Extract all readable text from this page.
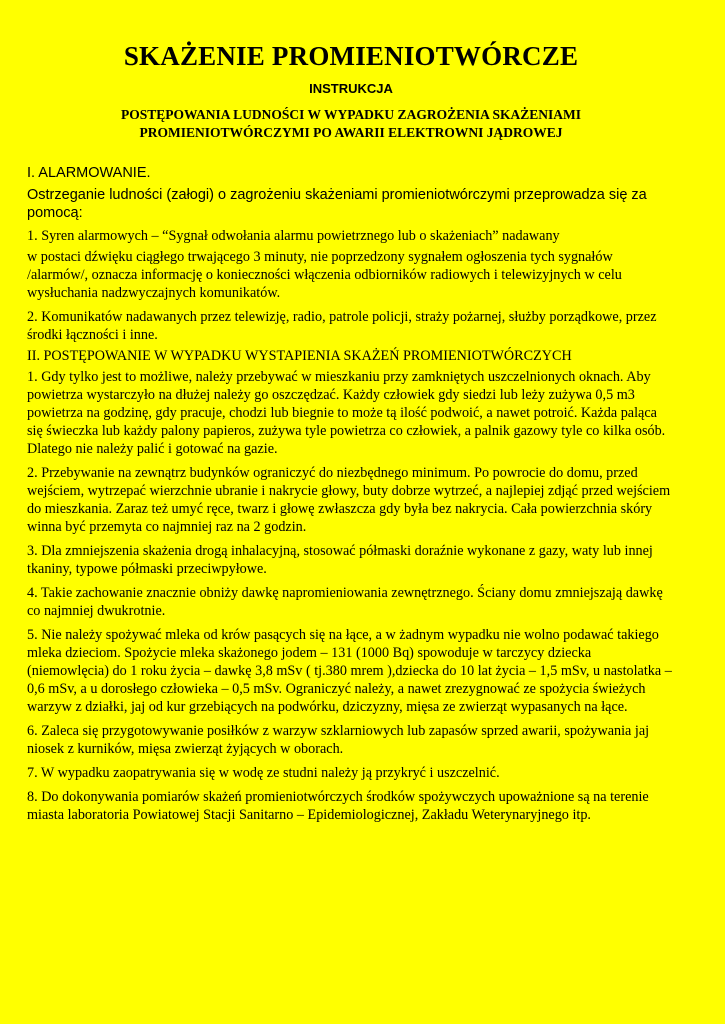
SKAŻENIE PROMIENIOTWÓRCZE
INSTRUKCJA
POSTĘPOWANIA LUDNOŚCI W WYPADKU ZAGROŻENIA SKAŻENIAMI
PROMIENIOTWÓRCZYMI PO AWARII ELEKTROWNI JĄDROWEJ
I. ALARMOWANIE.
Ostrzeganie ludności (załogi) o zagrożeniu skażeniami promieniotwórczymi przeprowadza się za pomocą:
1. Syren alarmowych – “Sygnał odwołania alarmu powietrznego lub o skażeniach” nadawany
w postaci dźwięku ciągłego trwającego 3 minuty, nie poprzedzony sygnałem ogłoszenia tych sygnałów /alarmów/, oznacza informację o konieczności włączenia odbiorników radiowych i telewizyjnych w celu wysłuchania nadzwyczajnych komunikatów.
2. Komunikatów nadawanych przez telewizję, radio, patrole policji, straży pożarnej, służby porządkowe, przez środki łączności i inne.
II. POSTĘPOWANIE W WYPADKU WYSTAPIENIA SKAŻEŃ PROMIENIOTWÓRCZYCH
1. Gdy tylko jest to możliwe, należy przebywać w mieszkaniu przy zamkniętych uszczelnionych oknach. Aby powietrza wystarczyło na dłużej należy go oszczędzać. Każdy człowiek gdy siedzi lub leży zużywa 0,5 m3 powietrza na godzinę, gdy pracuje, chodzi lub biegnie to może tą ilość podwoić, a nawet potroić. Każda paląca się świeczka lub każdy palony papieros, zużywa tyle powietrza co człowiek, a palnik gazowy tyle co kilka osób. Dlatego nie należy palić i gotować na gazie.
2. Przebywanie na zewnątrz budynków ograniczyć do niezbędnego minimum. Po powrocie do domu, przed wejściem, wytrzepać wierzchnie ubranie i nakrycie głowy, buty dobrze wytrzeć, a najlepiej zdjąć przed wejściem do mieszkania. Zaraz też umyć ręce, twarz i głowę zwłaszcza gdy była bez nakrycia. Cała powierzchnia skóry winna być przemyta co najmniej raz na 2 godzin.
3. Dla zmniejszenia skażenia drogą inhalacyjną, stosować półmaski doraźnie wykonane z gazy, waty lub innej tkaniny, typowe półmaski przeciwpyłowe.
4. Takie zachowanie znacznie obniży dawkę napromieniowania zewnętrznego. Ściany domu zmniejszają dawkę co najmniej dwukrotnie.
5. Nie należy spożywać mleka od krów pasących się na łące, a w żadnym wypadku nie wolno podawać takiego mleka dzieciom. Spożycie mleka skażonego jodem – 131 (1000 Bq) spowoduje w tarczycy dziecka (niemowlęcia) do 1 roku życia – dawkę 3,8 mSv ( tj.380 mrem ),dziecka do 10 lat życia – 1,5 mSv, u nastolatka – 0,6 mSv, a u dorosłego człowieka – 0,5 mSv. Ograniczyć należy, a nawet zrezygnować ze spożycia świeżych warzyw z działki, jaj od kur grzebiących na podwórku, dziczyzny, mięsa ze zwierząt wypasanych na łące.
6. Zaleca się przygotowywanie posiłków z warzyw szklarniowych lub zapasów sprzed awarii, spożywania jaj niosek z kurników, mięsa zwierząt żyjących w oborach.
7. W wypadku zaopatrywania się w wodę ze studni należy ją przykryć i uszczelnić.
8. Do dokonywania pomiarów skażeń promieniotwórczych środków spożywczych upoważnione są na terenie miasta laboratoria Powiatowej Stacji Sanitarno – Epidemiologicznej, Zakładu Weterynaryjnego itp.
